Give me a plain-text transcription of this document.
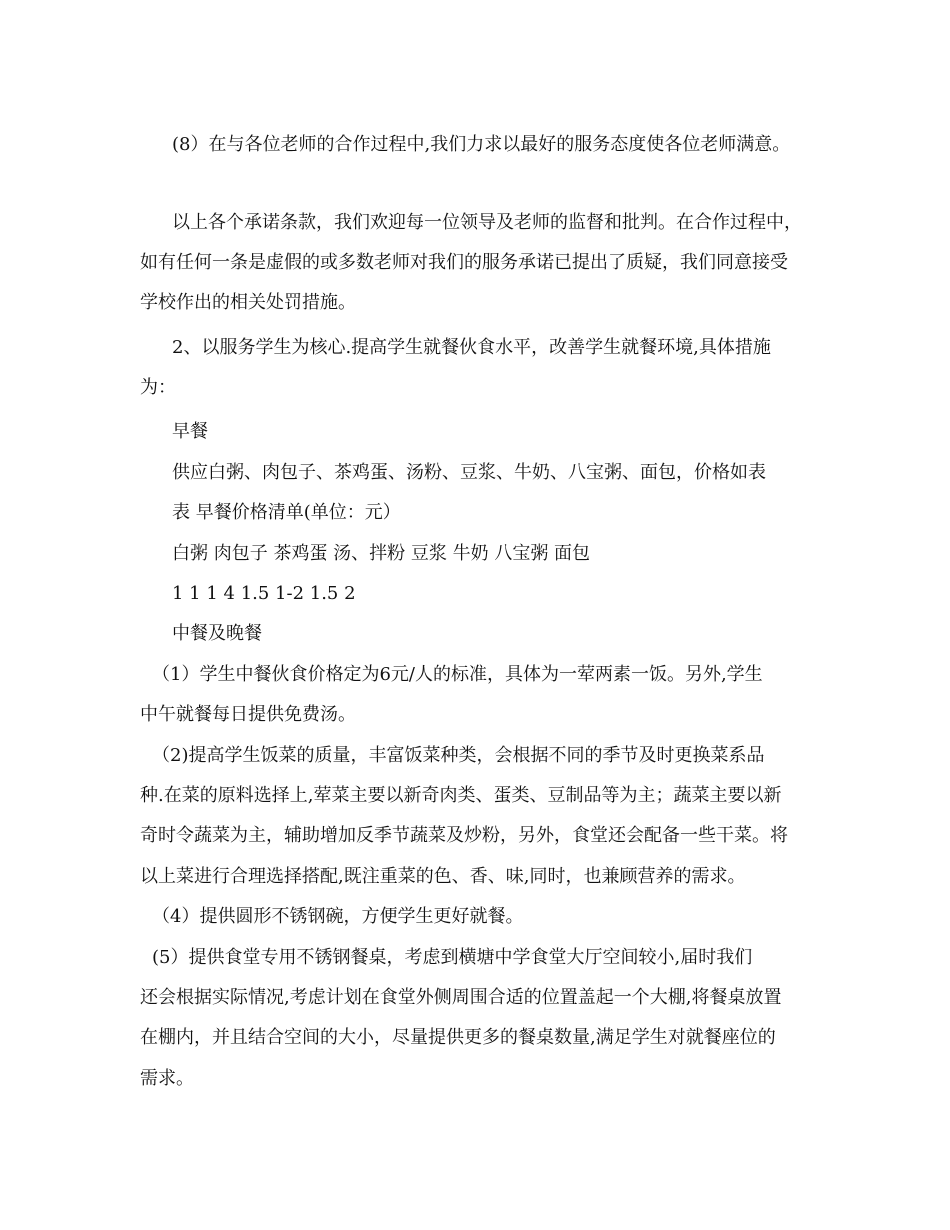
(8）在与各位老师的合作过程中,我们力求以最好的服务态度使各位老师满意。
以上各个承诺条款，我们欢迎每一位领导及老师的监督和批判。在合作过程中，
如有任何一条是虚假的或多数老师对我们的服务承诺已提出了质疑，我们同意接受
学校作出的相关处罚措施。
2、以服务学生为核心.提高学生就餐伙食水平，改善学生就餐环境,具体措施
为：
早餐
供应白粥、肉包子、茶鸡蛋、汤粉、豆浆、牛奶、八宝粥、面包，价格如表
表 早餐价格清单(单位：元）
白粥 肉包子 茶鸡蛋 汤、拌粉 豆浆 牛奶 八宝粥 面包
1 1 1 4 1.5 1-2 1.5 2
中餐及晚餐
（1）学生中餐伙食价格定为6元/人的标准，具体为一荤两素一饭。另外,学生
中午就餐每日提供免费汤。
（2)提高学生饭菜的质量，丰富饭菜种类，会根据不同的季节及时更换菜系品
种.在菜的原料选择上,荤菜主要以新奇肉类、蛋类、豆制品等为主；蔬菜主要以新
奇时令蔬菜为主，辅助增加反季节蔬菜及炒粉，另外，食堂还会配备一些干菜。将
以上菜进行合理选择搭配,既注重菜的色、香、味,同时，也兼顾营养的需求。
（4）提供圆形不锈钢碗，方便学生更好就餐。
(5）提供食堂专用不锈钢餐桌，考虑到横塘中学食堂大厅空间较小,届时我们
还会根据实际情况,考虑计划在食堂外侧周围合适的位置盖起一个大棚,将餐桌放置
在棚内，并且结合空间的大小，尽量提供更多的餐桌数量,满足学生对就餐座位的
需求。
